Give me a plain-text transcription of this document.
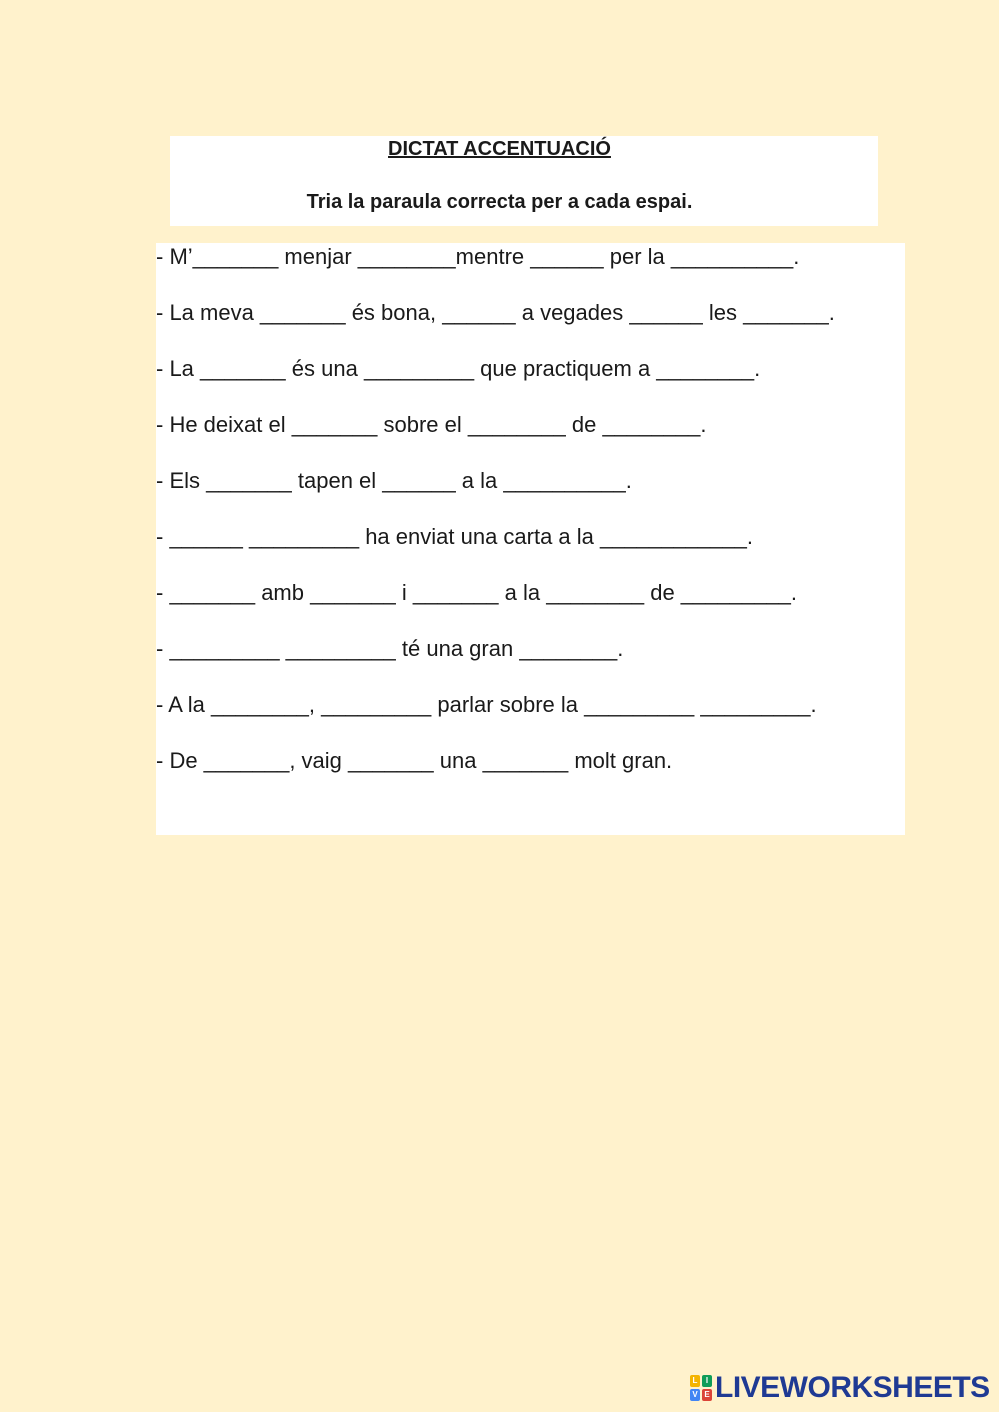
DICTAT ACCENTUACIÓ
Tria la paraula correcta per a cada espai.
- M’_______ menjar ________mentre ______ per la __________.
- La meva _______ és bona, ______ a vegades ______ les _______.
- La _______ és una _________ que practiquem a ________.
- He deixat el _______ sobre el ________ de ________.
- Els _______ tapen el ______ a la __________.
- ______ _________ ha enviat una carta a la ____________.
- _______ amb _______ i _______ a la ________ de _________.
- _________ _________ té una gran ________.
- A la ________, _________ parlar sobre la _________ _________.
- De _______, vaig _______ una _______ molt gran.
L	I
V E LIVEWORKSHEETS
